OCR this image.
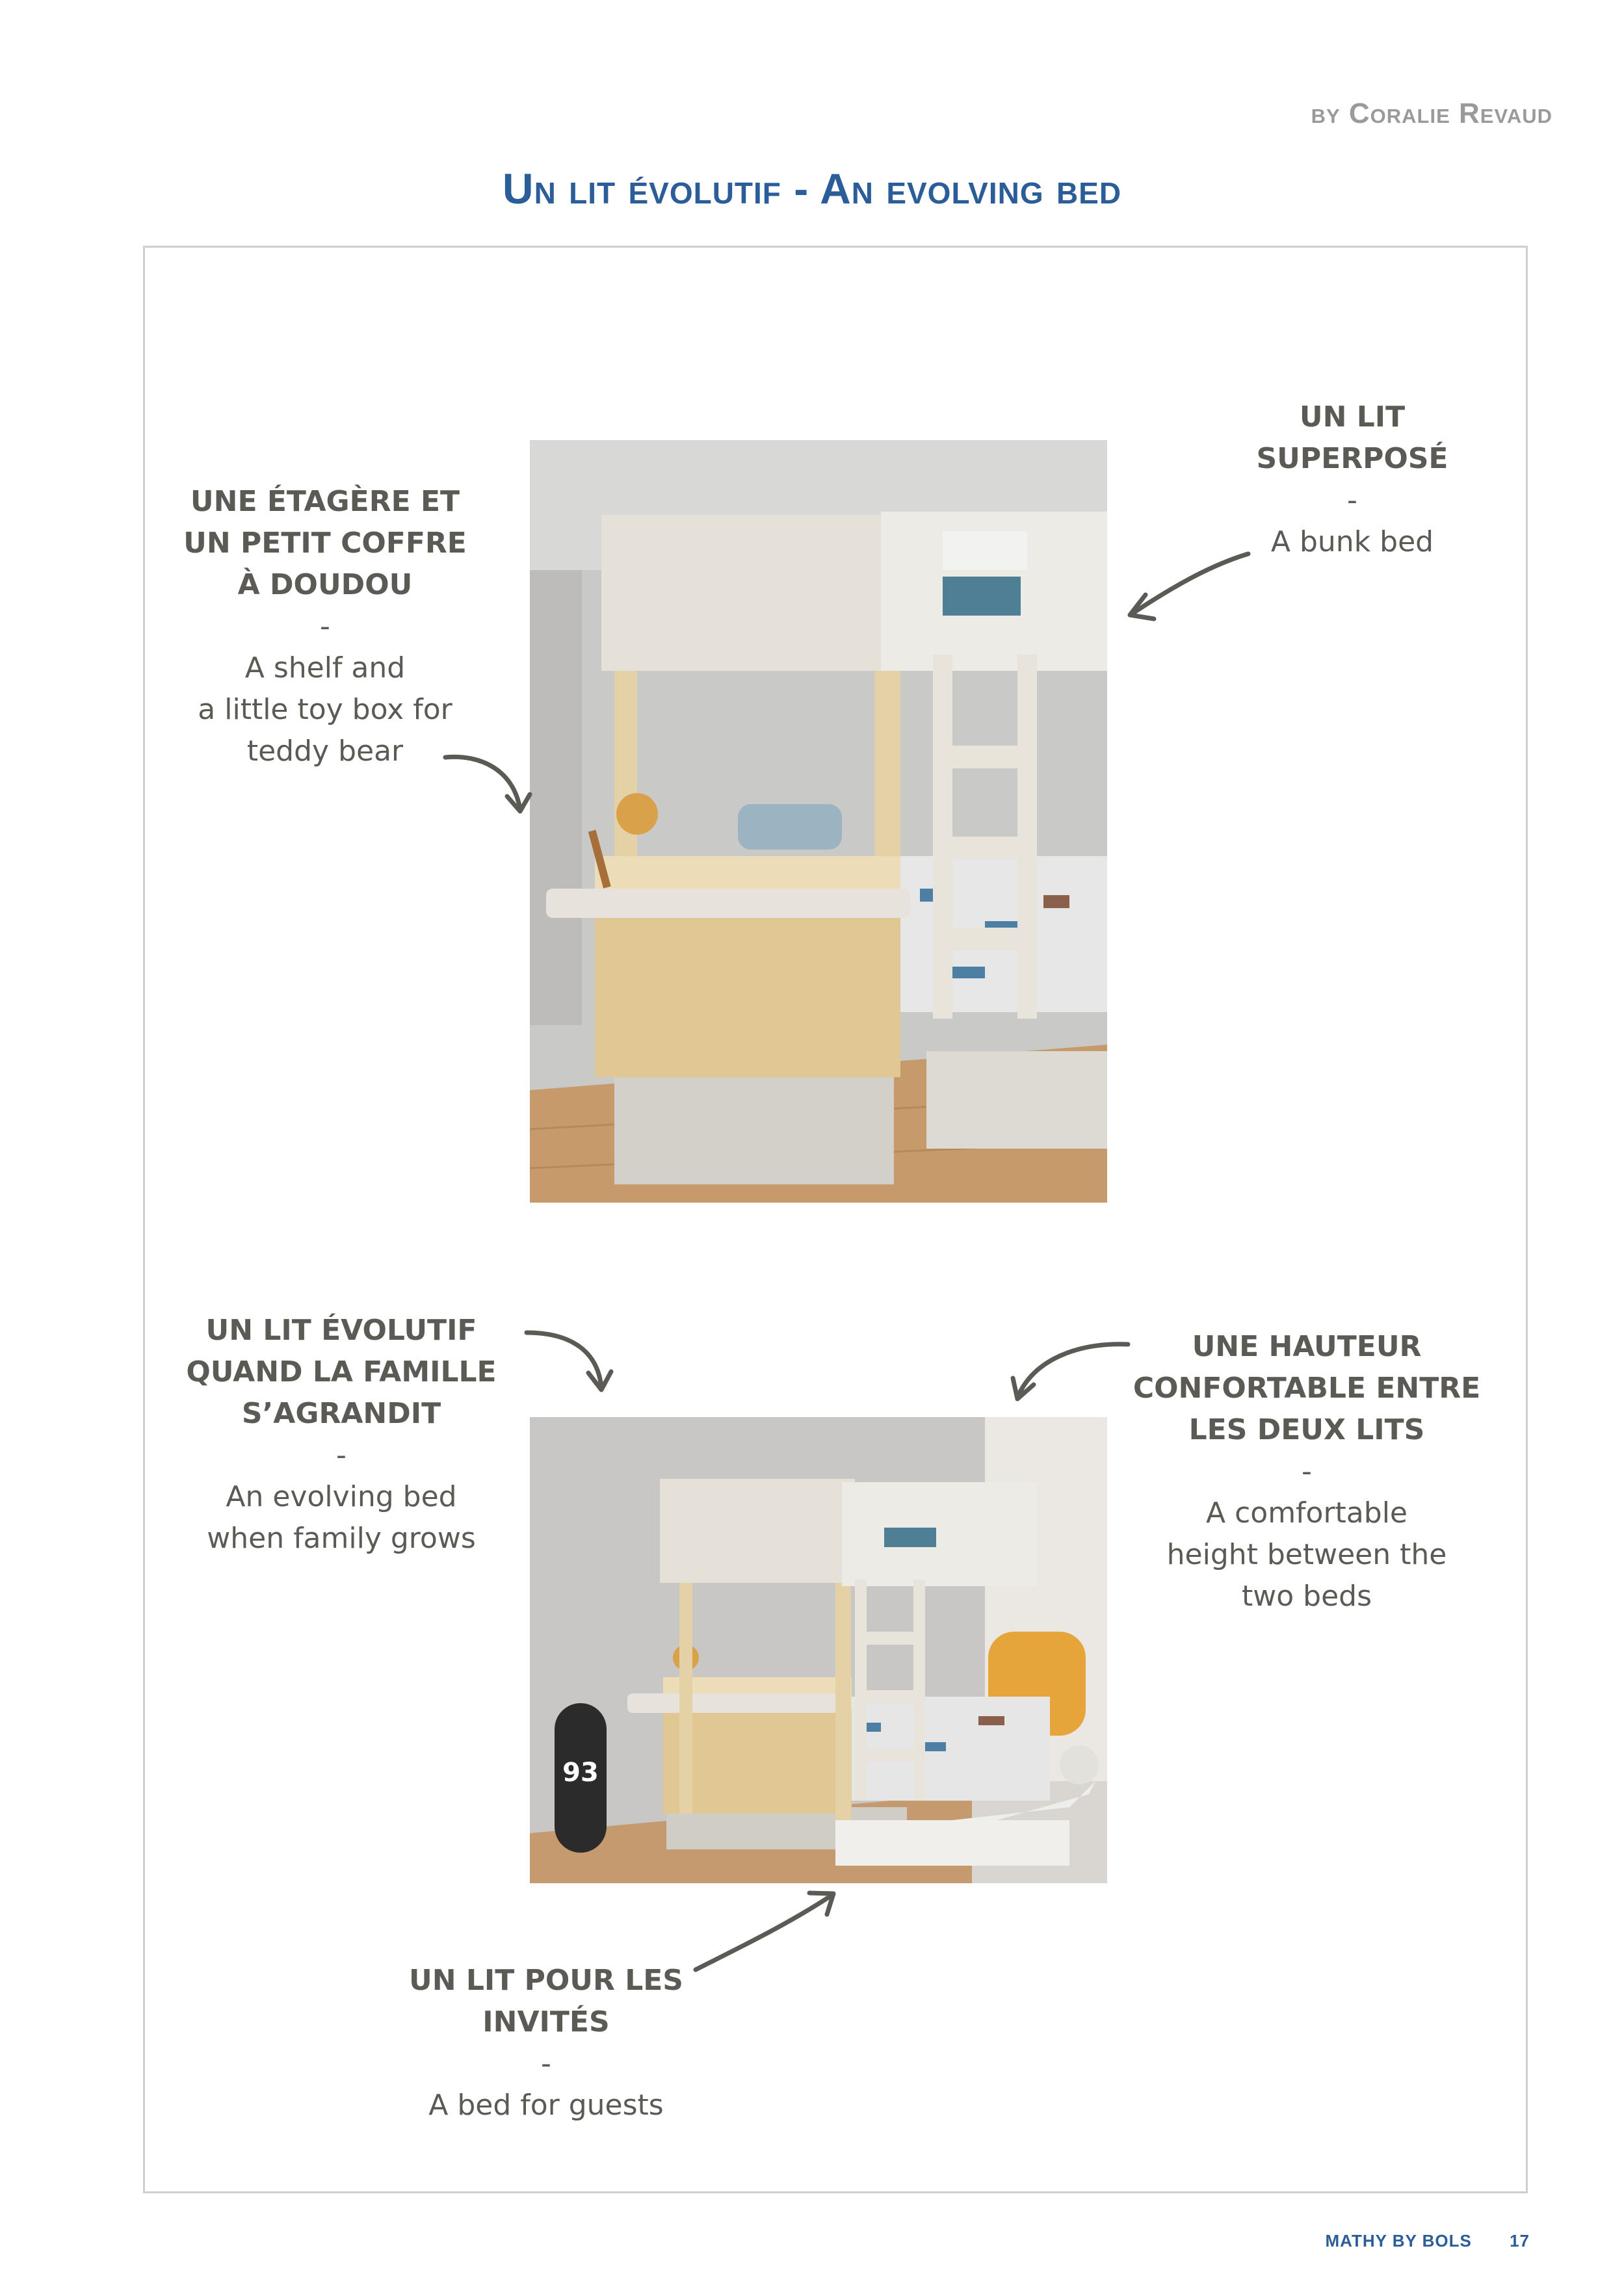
by Coralie Revaud
Un lit évolutif - An evolving bed
93
UNE ÉTAGÈRE ET
UN PETIT COFFRE
À DOUDOU
-
A shelf and
a little toy box for
teddy bear
UN LIT
SUPERPOSÉ
-
A bunk bed
UN LIT ÉVOLUTIF
QUAND LA FAMILLE
S’AGRANDIT
-
An evolving bed
when family grows
UNE HAUTEUR
CONFORTABLE ENTRE
LES DEUX LITS
-
A comfortable
height between the
two beds
UN LIT POUR LES
INVITÉS
-
A bed for guests
MATHY BY BOLS 17
